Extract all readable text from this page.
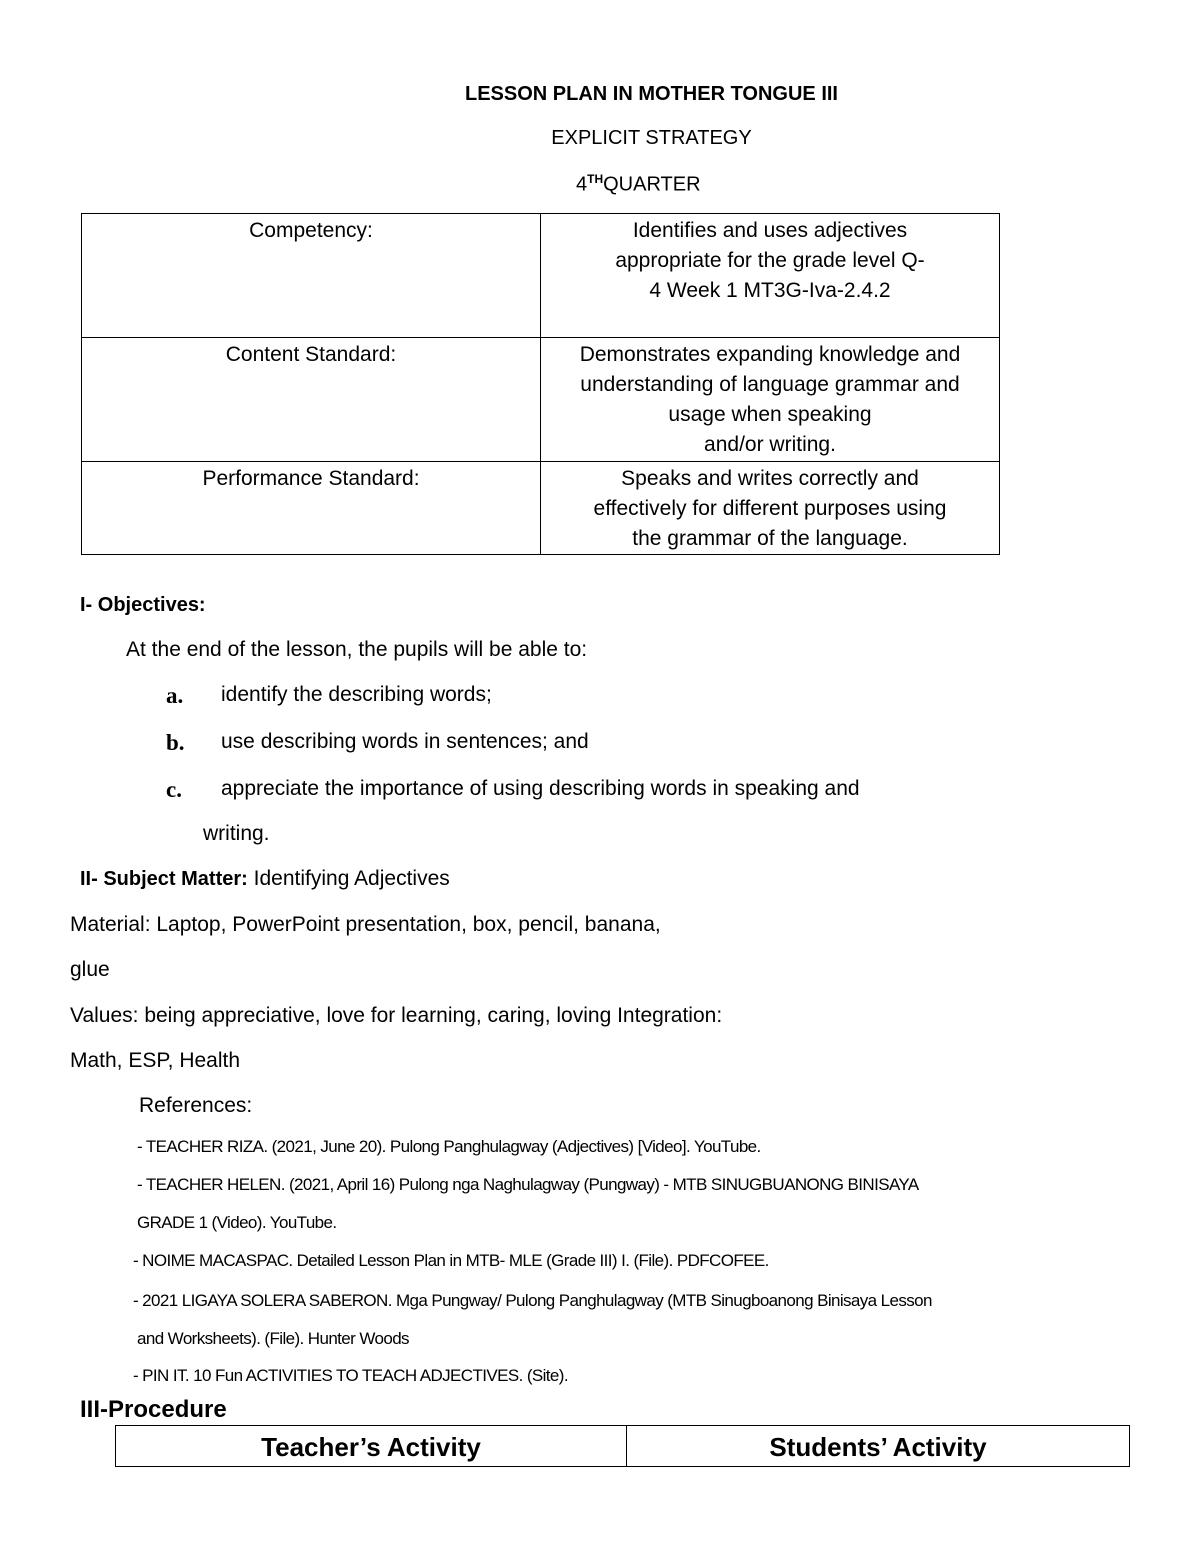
LESSON PLAN IN MOTHER TONGUE III
EXPLICIT STRATEGY
4THQUARTER
Competency:	Identifies and uses adjectives
appropriate for the grade level Q-
4 Week 1 MT3G-Iva-2.4.2
Content Standard:	Demonstrates expanding knowledge and
understanding of language grammar and
usage when speaking
and/or writing.
Performance Standard:	Speaks and writes correctly and
effectively for different purposes using
the grammar of the language.
I- Objectives:
At the end of the lesson, the pupils will be able to:
a. identify the describing words;
b. use describing words in sentences; and
c. appreciate the importance of using describing words in speaking and
writing.
II- Subject Matter: Identifying Adjectives
Material: Laptop, PowerPoint presentation, box, pencil, banana,
glue
Values: being appreciative, love for learning, caring, loving Integration:
Math, ESP, Health
References:
- TEACHER RIZA. (2021, June 20). Pulong Panghulagway (Adjectives) [Video]. YouTube.
- TEACHER HELEN. (2021, April 16) Pulong nga Naghulagway (Pungway) - MTB SINUGBUANONG BINISAYA
GRADE 1 (Video). YouTube.
- NOIME MACASPAC. Detailed Lesson Plan in MTB- MLE (Grade III) I. (File). PDFCOFEE.
- 2021 LIGAYA SOLERA SABERON. Mga Pungway/ Pulong Panghulagway (MTB Sinugboanong Binisaya Lesson
and Worksheets). (File). Hunter Woods
- PIN IT. 10 Fun ACTIVITIES TO TEACH ADJECTIVES. (Site).
III-Procedure
Teacher’s Activity	Students’ Activity
